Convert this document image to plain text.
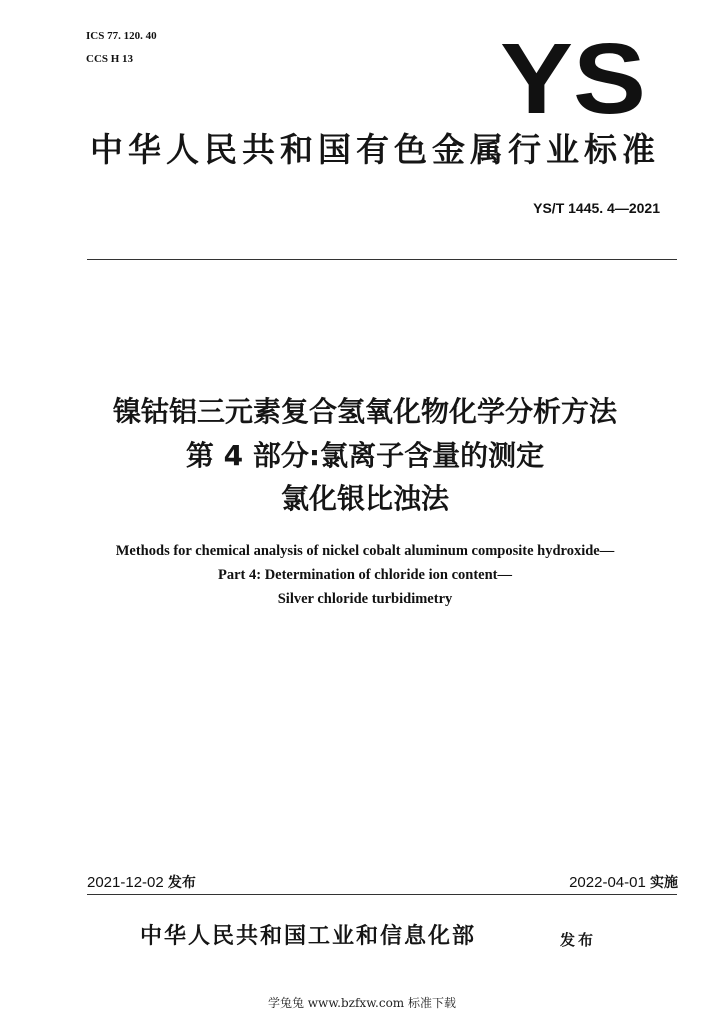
ICS 77. 120. 40
CCS H 13	YS
中华人民共和国有色金属行业标准
YS/T 1445. 4—2021
镍钴铝三元素复合氢氧化物化学分析方法
第 4 部分:氯离子含量的测定
氯化银比浊法
Methods for chemical analysis of nickel cobalt aluminum composite hydroxide—
Part 4: Determination of chloride ion content—
Silver chloride turbidimetry
2021-12-02 发布	2022-04-01 实施
中华人民共和国工业和信息化部	发布
学兔兔 www.bzfxw.com 标准下载
